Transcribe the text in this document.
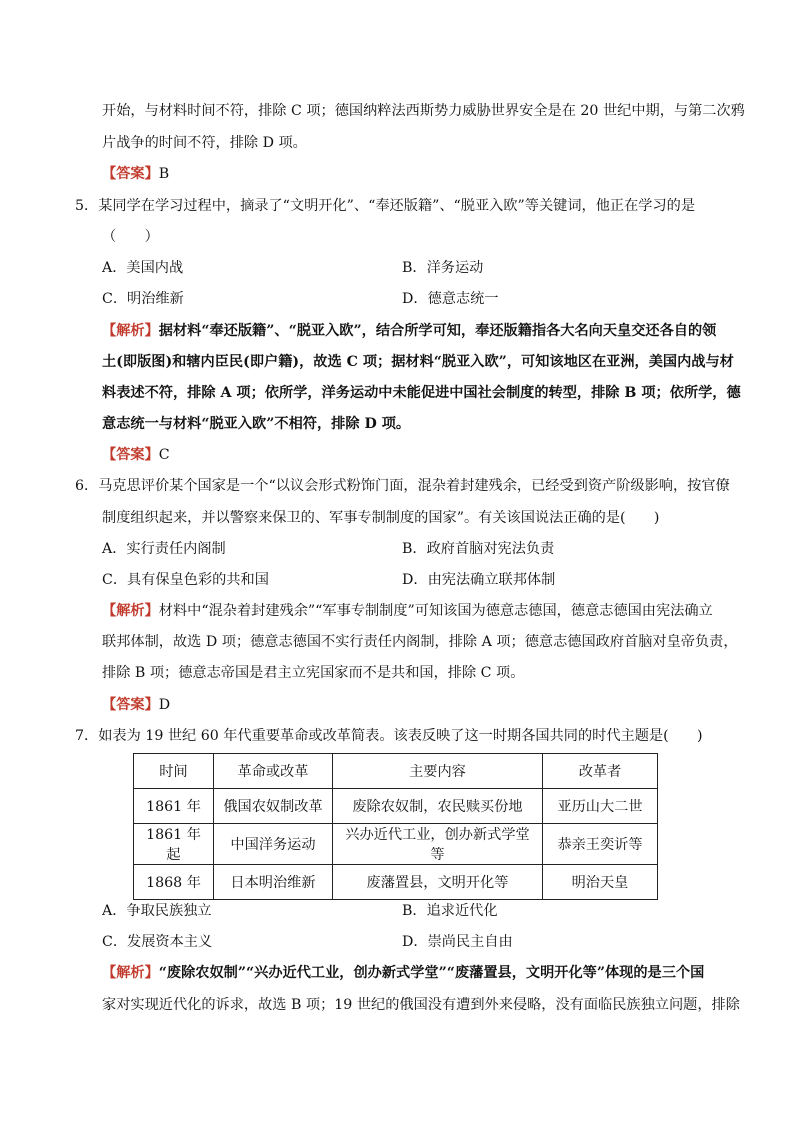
开始，与材料时间不符，排除 C 项；德国纳粹法西斯势力威胁世界安全是在 20 世纪中期，与第二次鸦
片战争的时间不符，排除 D 项。
【答案】B
5．某同学在学习过程中，摘录了“文明开化”、“奉还版籍”、“脱亚入欧”等关键词，他正在学习的是
（　　）
A．美国内战	B．洋务运动
C．明治维新	D．德意志统一
【解析】据材料“奉还版籍”、“脱亚入欧”，结合所学可知，奉还版籍指各大名向天皇交还各自的领
土(即版图)和辖内臣民(即户籍)，故选 C 项；据材料“脱亚入欧”，可知该地区在亚洲，美国内战与材
料表述不符，排除 A 项；依所学，洋务运动中未能促进中国社会制度的转型，排除 B 项；依所学，德
意志统一与材料“脱亚入欧”不相符，排除 D 项。
【答案】C
6．马克思评价某个国家是一个“以议会形式粉饰门面，混杂着封建残余，已经受到资产阶级影响，按官僚
制度组织起来，并以警察来保卫的、军事专制制度的国家”。有关该国说法正确的是(　　)
A．实行责任内阁制	B．政府首脑对宪法负责
C．具有保皇色彩的共和国	D．由宪法确立联邦体制
【解析】材料中“混杂着封建残余”“军事专制制度”可知该国为德意志德国，德意志德国由宪法确立
联邦体制，故选 D 项；德意志德国不实行责任内阁制，排除 A 项；德意志德国政府首脑对皇帝负责，
排除 B 项；德意志帝国是君主立宪国家而不是共和国，排除 C 项。
【答案】D
7．如表为 19 世纪 60 年代重要革命或改革简表。该表反映了这一时期各国共同的时代主题是(　　)
时间	革命或改革	主要内容	改革者
1861 年	俄国农奴制改革	废除农奴制，农民赎买份地	亚历山大二世
1861 年起	中国洋务运动	兴办近代工业，创办新式学堂等	恭亲王奕䜣等
1868 年	日本明治维新	废藩置县，文明开化等	明治天皇
A．争取民族独立	B．追求近代化
C．发展资本主义	D．崇尚民主自由
【解析】“废除农奴制”“兴办近代工业，创办新式学堂”“废藩置县，文明开化等”体现的是三个国
家对实现近代化的诉求，故选 B 项；19 世纪的俄国没有遭到外来侵略，没有面临民族独立问题，排除
